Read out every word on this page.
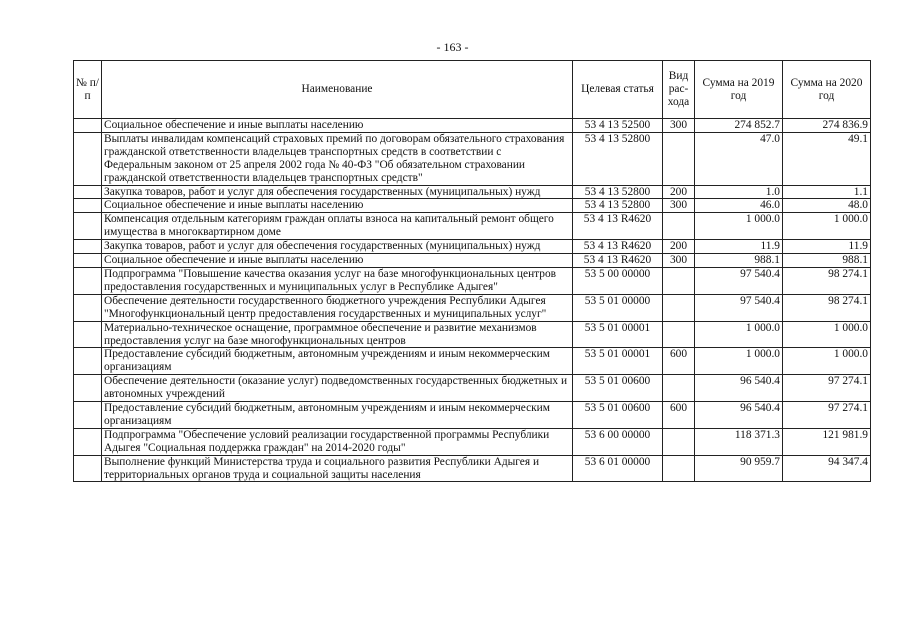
- 163 -
№ п/п	Наименование	Целевая статья	Вид рас-хода	Сумма на 2019 год	Сумма на 2020 год
	Социальное обеспечение и иные выплаты населению	53 4 13 52500	300	274 852.7	274 836.9
	Выплаты инвалидам компенсаций страховых премий по договорам обязательного страхования гражданской ответственности владельцев транспортных средств в соответствии с Федеральным законом от 25 апреля 2002 года № 40-ФЗ "Об обязательном страховании гражданской ответственности владельцев транспортных средств"	53 4 13 52800		47.0	49.1
	Закупка товаров, работ и услуг для обеспечения государственных (муниципальных) нужд	53 4 13 52800	200	1.0	1.1
	Социальное обеспечение и иные выплаты населению	53 4 13 52800	300	46.0	48.0
	Компенсация отдельным категориям граждан оплаты взноса на капитальный ремонт общего имущества в многоквартирном доме	53 4 13 R4620		1 000.0	1 000.0
	Закупка товаров, работ и услуг для обеспечения государственных (муниципальных) нужд	53 4 13 R4620	200	11.9	11.9
	Социальное обеспечение и иные выплаты населению	53 4 13 R4620	300	988.1	988.1
	Подпрограмма "Повышение качества оказания услуг на базе многофункциональных центров предоставления государственных и муниципальных услуг в Республике Адыгея"	53 5 00 00000		97 540.4	98 274.1
	Обеспечение деятельности государственного бюджетного учреждения Республики Адыгея "Многофункциональный центр предоставления государственных и муниципальных услуг"	53 5 01 00000		97 540.4	98 274.1
	Материально-техническое оснащение, программное обеспечение и развитие механизмов предоставления услуг на базе многофункциональных центров	53 5 01 00001		1 000.0	1 000.0
	Предоставление субсидий бюджетным, автономным учреждениям и иным некоммерческим организациям	53 5 01 00001	600	1 000.0	1 000.0
	Обеспечение деятельности (оказание услуг) подведомственных государственных бюджетных и автономных учреждений	53 5 01 00600		96 540.4	97 274.1
	Предоставление субсидий бюджетным, автономным учреждениям и иным некоммерческим организациям	53 5 01 00600	600	96 540.4	97 274.1
	Подпрограмма "Обеспечение условий реализации государственной программы Республики Адыгея "Социальная поддержка граждан" на 2014-2020 годы"	53 6 00 00000		118 371.3	121 981.9
	Выполнение функций Министерства труда и социального развития Республики Адыгея и территориальных органов труда и социальной защиты населения	53 6 01 00000		90 959.7	94 347.4
